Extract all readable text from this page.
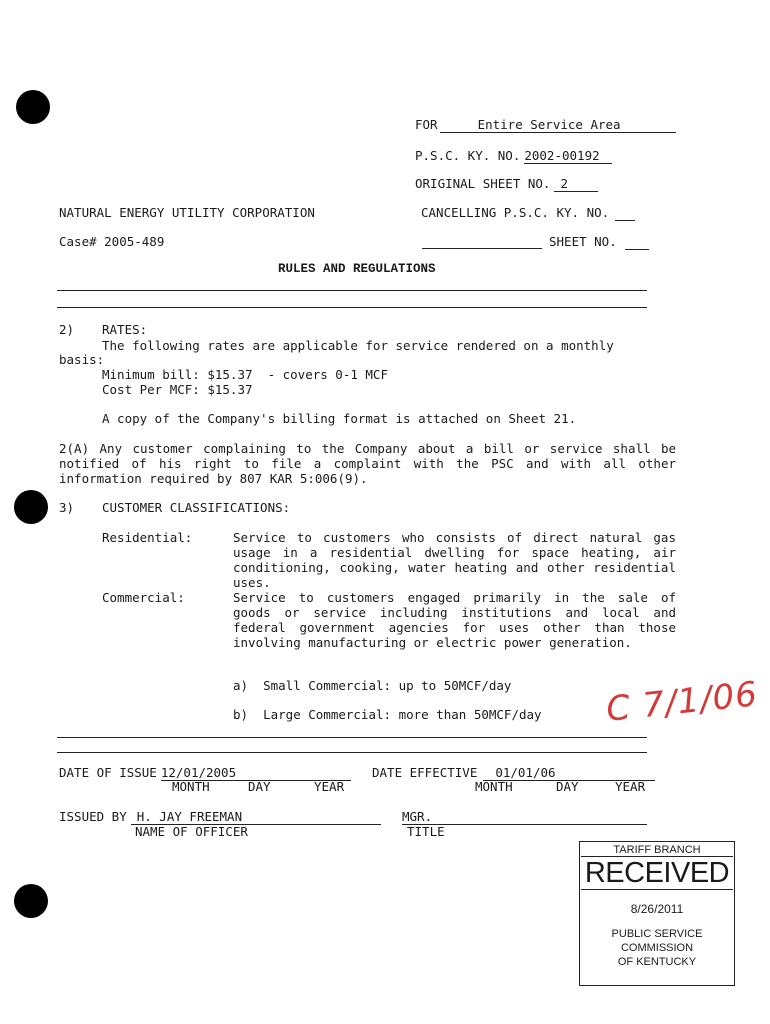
FOR	Entire Service Area
P.S.C. KY. NO. 2002-00192
ORIGINAL SHEET NO. 2
NATURAL ENERGY UTILITY CORPORATION	CANCELLING P.S.C. KY. NO.
Case# 2005-489	SHEET NO.
RULES AND REGULATIONS
2) RATES:
The following rates are applicable for service rendered on a monthly
basis:
Minimum bill: $15.37  - covers 0-1 MCF
Cost Per MCF: $15.37
A copy of the Company's billing format is attached on Sheet 21.
2(A) Any customer complaining to the Company about a bill or service shall be notified of his right to file a complaint with the PSC and with all other information required by 807 KAR 5:006(9).
3) CUSTOMER CLASSIFICATIONS:
Residential:	Service to customers who consists of direct natural gas usage in a residential dwelling for space heating, air conditioning, cooking, water heating and other residential uses.
Commercial:	Service to customers engaged primarily in the sale of goods or service including institutions and local and federal government agencies for uses other than those involving manufacturing or electric power generation.
a)  Small Commercial: up to 50MCF/day
b)  Large Commercial: more than 50MCF/day C 7/1/06
DATE OF ISSUE 12/01/2005
MONTH	DAY	YEAR
DATE EFFECTIVE 01/01/06
MONTH	DAY	YEAR
ISSUED BY H. JAY FREEMAN
NAME OF OFFICER
MGR.
TITLE
TARIFF BRANCH
RECEIVED
8/26/2011
PUBLIC SERVICE
COMMISSION
OF KENTUCKY
